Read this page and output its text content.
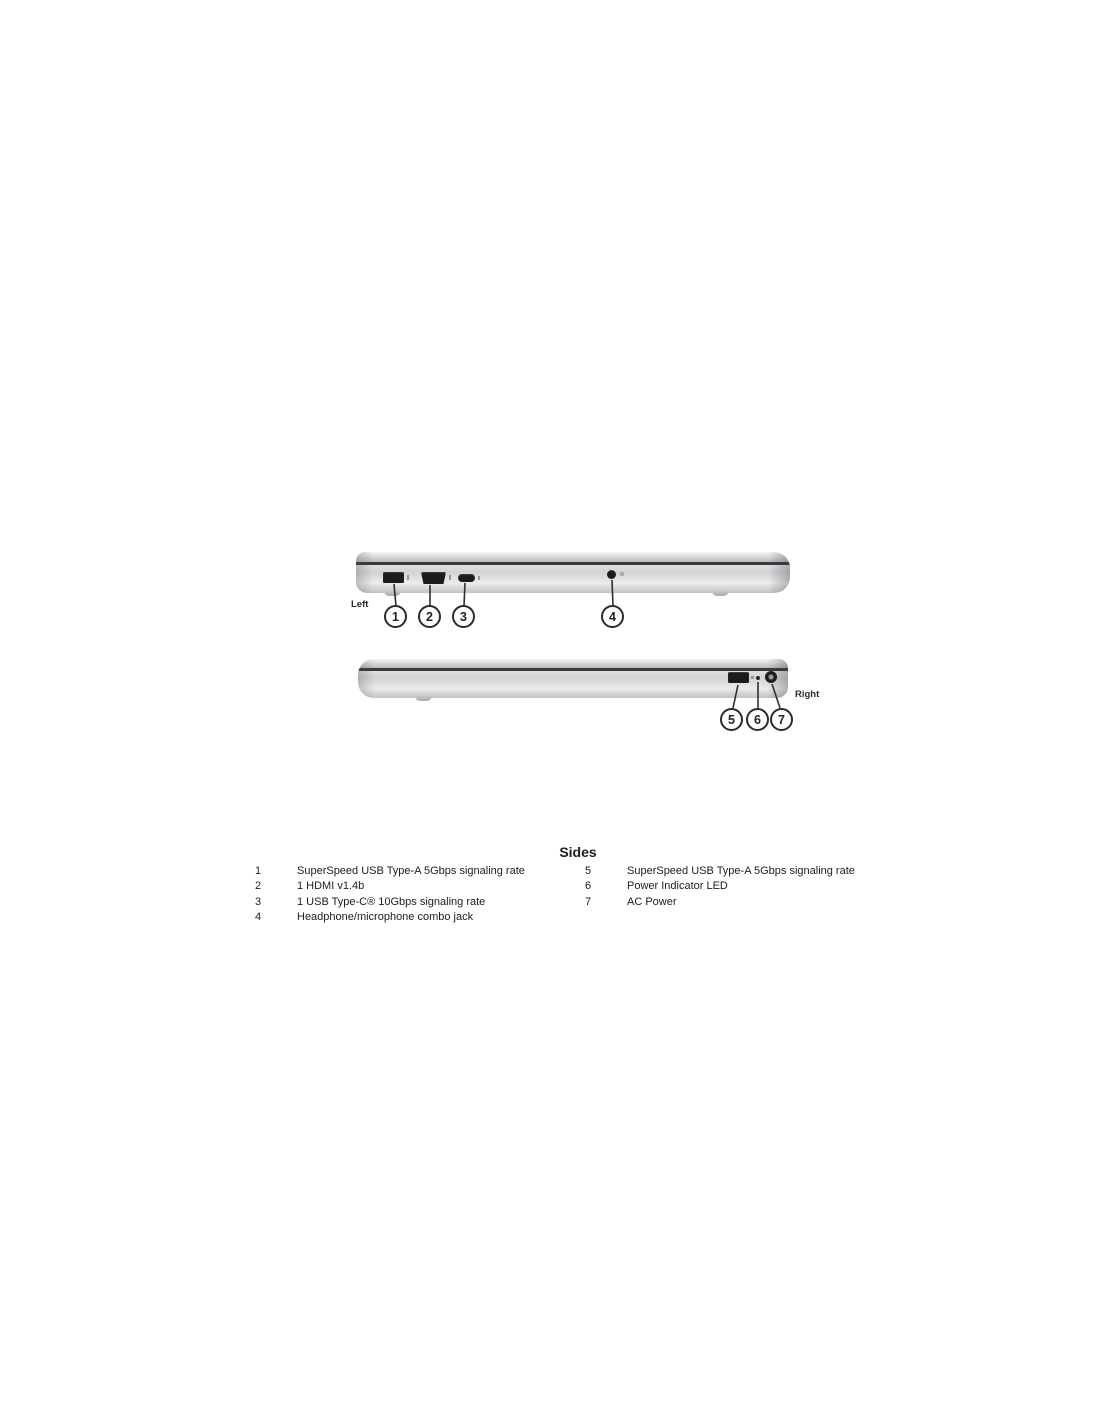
1 2 3	4
Left
5 6 7
Right
Sides
1	SuperSpeed USB Type-A 5Gbps signaling rate
2	1 HDMI v1.4b
3	1 USB Type-C® 10Gbps signaling rate
4	Headphone/microphone combo jack
5	SuperSpeed USB Type-A 5Gbps signaling rate
6	Power Indicator LED
7	AC Power
